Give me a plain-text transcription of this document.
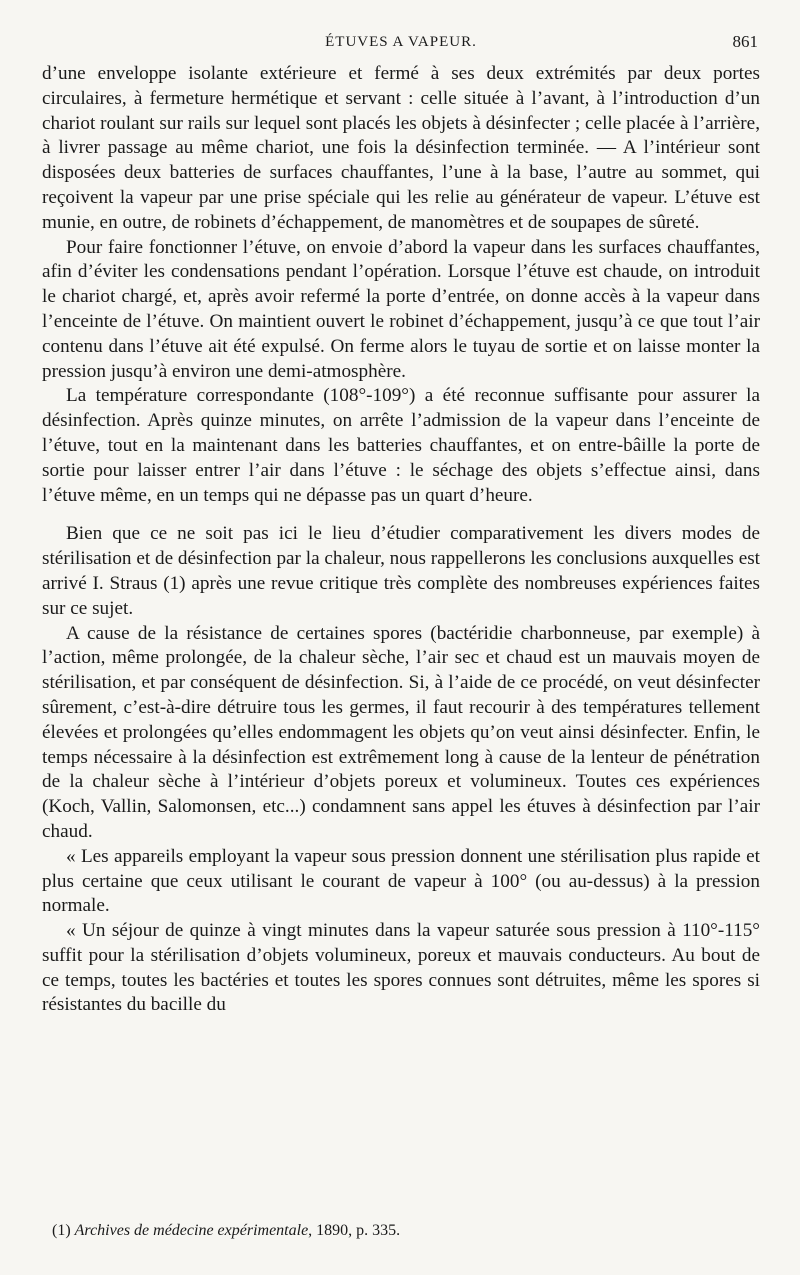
ÉTUVES A VAPEUR.	861

d’une enveloppe isolante extérieure et fermé à ses deux extrémités par deux portes circulaires, à fermeture hermétique et servant : celle située à l’avant, à l’introduction d’un chariot roulant sur rails sur lequel sont placés les objets à désinfecter ; celle placée à l’arrière, à livrer passage au même chariot, une fois la désinfection terminée. — A l’intérieur sont disposées deux batteries de surfaces chauffantes, l’une à la base, l’autre au sommet, qui reçoivent la vapeur par une prise spéciale qui les relie au générateur de vapeur. L’étuve est munie, en outre, de robinets d’échappement, de manomètres et de soupapes de sûreté.

Pour faire fonctionner l’étuve, on envoie d’abord la vapeur dans les surfaces chauffantes, afin d’éviter les condensations pendant l’opération. Lorsque l’étuve est chaude, on introduit le chariot chargé, et, après avoir refermé la porte d’entrée, on donne accès à la vapeur dans l’enceinte de l’étuve. On maintient ouvert le robinet d’échappement, jusqu’à ce que tout l’air contenu dans l’étuve ait été expulsé. On ferme alors le tuyau de sortie et on laisse monter la pression jusqu’à environ une demi-atmosphère.

La température correspondante (108°-109°) a été reconnue suffisante pour assurer la désinfection. Après quinze minutes, on arrête l’admission de la vapeur dans l’enceinte de l’étuve, tout en la maintenant dans les batteries chauffantes, et on entre-bâille la porte de sortie pour laisser entrer l’air dans l’étuve : le séchage des objets s’effectue ainsi, dans l’étuve même, en un temps qui ne dépasse pas un quart d’heure.

Bien que ce ne soit pas ici le lieu d’étudier comparativement les divers modes de stérilisation et de désinfection par la chaleur, nous rappellerons les conclusions auxquelles est arrivé I. Straus (1) après une revue critique très complète des nombreuses expériences faites sur ce sujet.

A cause de la résistance de certaines spores (bactéridie charbonneuse, par exemple) à l’action, même prolongée, de la chaleur sèche, l’air sec et chaud est un mauvais moyen de stérilisation, et par conséquent de désinfection. Si, à l’aide de ce procédé, on veut désinfecter sûrement, c’est-à-dire détruire tous les germes, il faut recourir à des températures tellement élevées et prolongées qu’elles endommagent les objets qu’on veut ainsi désinfecter. Enfin, le temps nécessaire à la désinfection est extrêmement long à cause de la lenteur de pénétration de la chaleur sèche à l’intérieur d’objets poreux et volumineux. Toutes ces expériences (Koch, Vallin, Salomonsen, etc...) condamnent sans appel les étuves à désinfection par l’air chaud.

« Les appareils employant la vapeur sous pression donnent une stérilisation plus rapide et plus certaine que ceux utilisant le courant de vapeur à 100° (ou au-dessus) à la pression normale.

« Un séjour de quinze à vingt minutes dans la vapeur saturée sous pression à 110°-115° suffit pour la stérilisation d’objets volumineux, poreux et mauvais conducteurs. Au bout de ce temps, toutes les bactéries et toutes les spores connues sont détruites, même les spores si résistantes du bacille du

(1) Archives de médecine expérimentale, 1890, p. 335.
